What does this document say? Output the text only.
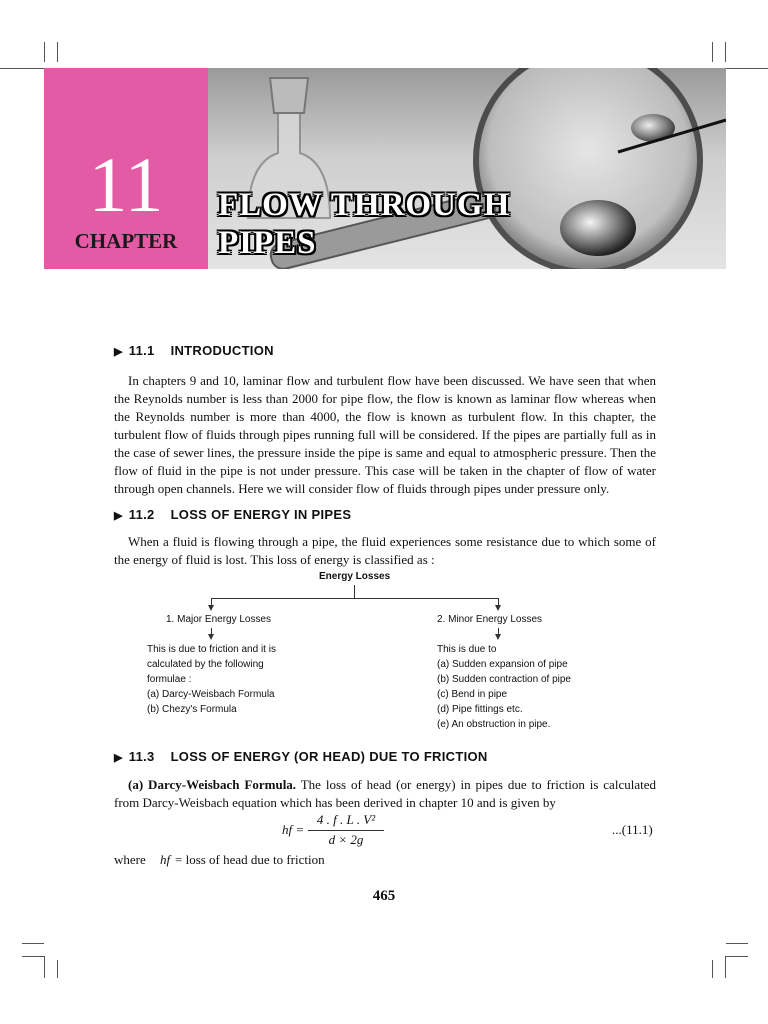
11
CHAPTER
FLOW THROUGH
PIPES
▶ 11.1 INTRODUCTION

In chapters 9 and 10, laminar flow and turbulent flow have been discussed. We have seen that when the Reynolds number is less than 2000 for pipe flow, the flow is known as laminar flow whereas when the Reynolds number is more than 4000, the flow is known as turbulent flow. In this chapter, the turbulent flow of fluids through pipes running full will be considered. If the pipes are partially full as in the case of sewer lines, the pressure inside the pipe is same and equal to atmospheric pressure. Then the flow of fluid in the pipe is not under pressure. This case will be taken in the chapter of flow of water through open channels. Here we will consider flow of fluids through pipes under pressure only.

▶ 11.2 LOSS OF ENERGY IN PIPES

When a fluid is flowing through a pipe, the fluid experiences some resistance due to which some of the energy of fluid is lost. This loss of energy is classified as :

Energy Losses
1. Major Energy Losses
This is due to friction and it is
calculated by the following
formulae :
(a) Darcy-Weisbach Formula
(b) Chezy's Formula
2. Minor Energy Losses
This is due to
(a) Sudden expansion of pipe
(b) Sudden contraction of pipe
(c) Bend in pipe
(d) Pipe fittings etc.
(e) An obstruction in pipe.
▶ 11.3 LOSS OF ENERGY (OR HEAD) DUE TO FRICTION

(a) Darcy-Weisbach Formula. The loss of head (or energy) in pipes due to friction is calculated from Darcy-Weisbach equation which has been derived in chapter 10 and is given by

hf =
4 . f . L . V²
d × 2g
...(11.1)
where hf = loss of head due to friction
465
